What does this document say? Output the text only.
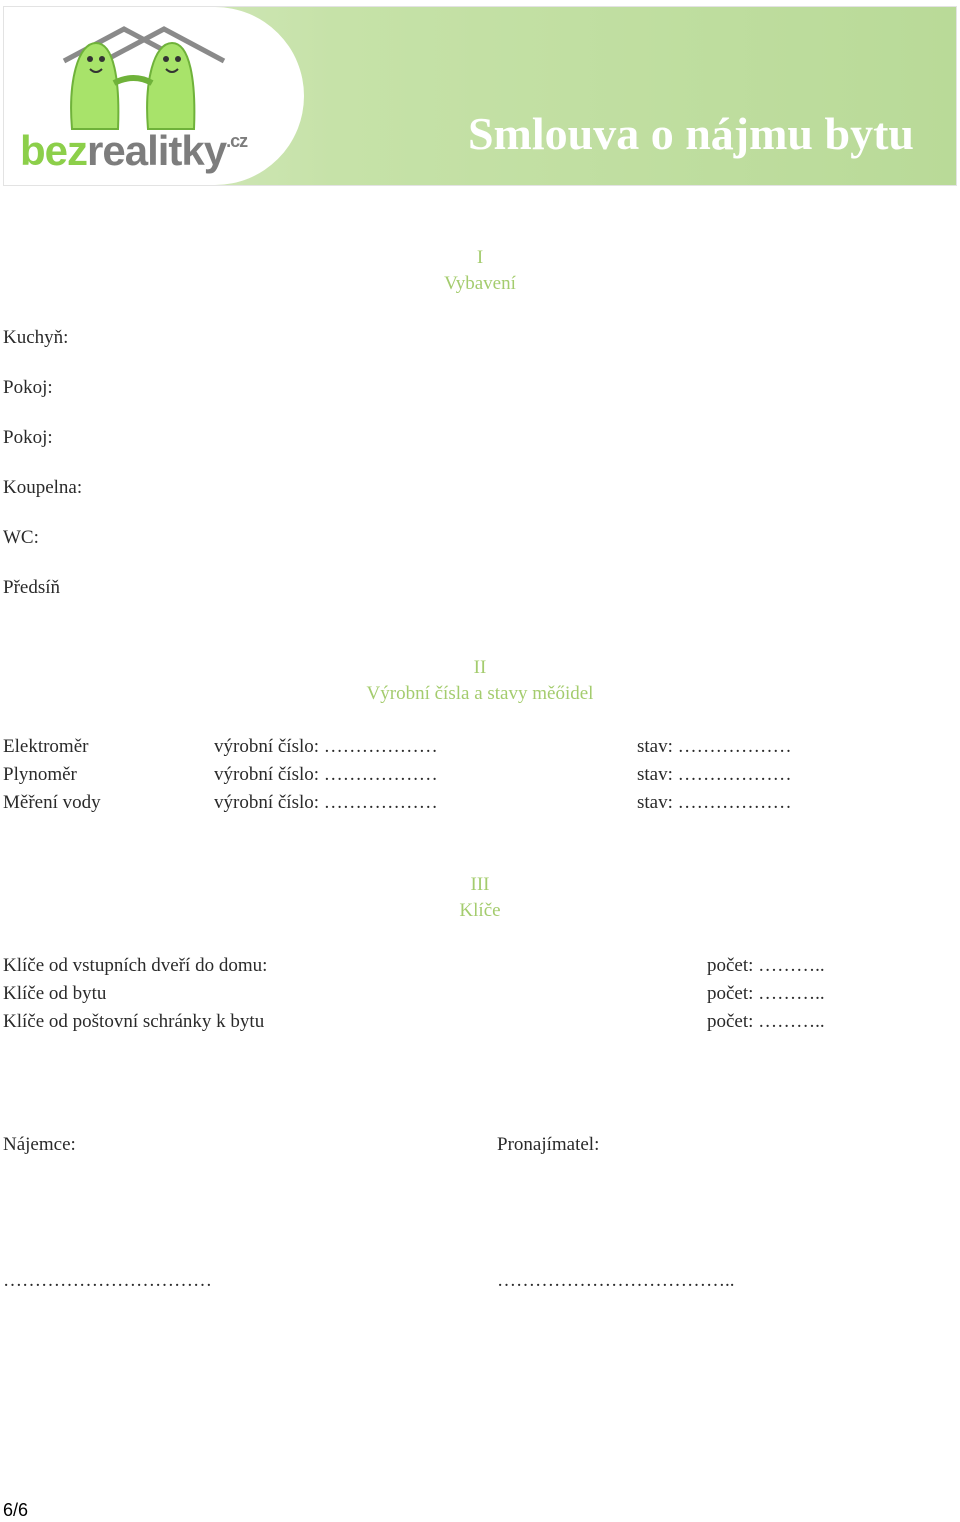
bezrealitky$^{.cz}$	Smlouva o nájmu bytu
I
Vybavení
Kuchyň:
Pokoj:
Pokoj:
Koupelna:
WC:
Předsíň
II
Výrobní čísla a stavy měőidel
Elektroměr	výrobní číslo: ………………	stav: ………………
Plynoměr	výrobní číslo: ………………	stav: ………………
Měření vody	výrobní číslo: ………………	stav: ………………
III
Klíče
Klíče od vstupních dveří do domu:	počet: ………..
Klíče od bytu	počet: ………..
Klíče od poštovní schránky k bytu	počet: ………..
Nájemce:	Pronajímatel:
……………………………	………………………………..
6/6
